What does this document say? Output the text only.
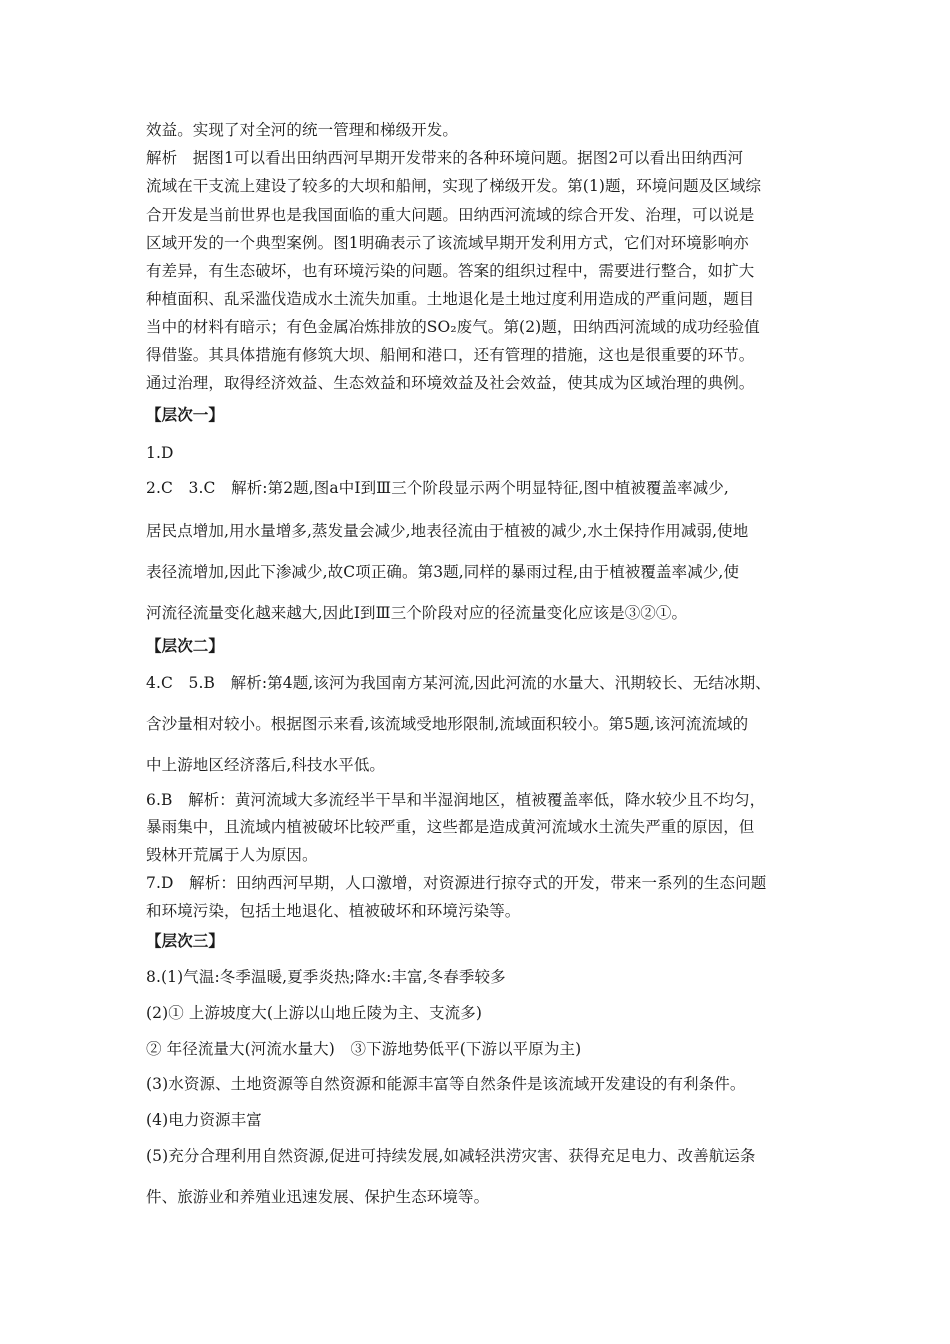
效益。实现了对全河的统一管理和梯级开发。
解析　据图1可以看出田纳西河早期开发带来的各种环境问题。据图2可以看出田纳西河
流域在干支流上建设了较多的大坝和船闸，实现了梯级开发。第(1)题，环境问题及区域综
合开发是当前世界也是我国面临的重大问题。田纳西河流域的综合开发、治理，可以说是
区域开发的一个典型案例。图1明确表示了该流域早期开发利用方式，它们对环境影响亦
有差异，有生态破坏，也有环境污染的问题。答案的组织过程中，需要进行整合，如扩大
种植面积、乱采滥伐造成水土流失加重。土地退化是土地过度利用造成的严重问题，题目
当中的材料有暗示；有色金属冶炼排放的SO₂废气。第(2)题，田纳西河流域的成功经验值
得借鉴。其具体措施有修筑大坝、船闸和港口，还有管理的措施，这也是很重要的环节。
通过治理，取得经济效益、生态效益和环境效益及社会效益，使其成为区域治理的典例。
【层次一】
1.D
2.C　3.C　解析:第2题,图a中Ⅰ到Ⅲ三个阶段显示两个明显特征,图中植被覆盖率减少,
居民点增加,用水量增多,蒸发量会减少,地表径流由于植被的减少,水土保持作用减弱,使地
表径流增加,因此下渗减少,故C项正确。第3题,同样的暴雨过程,由于植被覆盖率减少,使
河流径流量变化越来越大,因此Ⅰ到Ⅲ三个阶段对应的径流量变化应该是③②①。
【层次二】
4.C　5.B　解析:第4题,该河为我国南方某河流,因此河流的水量大、汛期较长、无结冰期、
含沙量相对较小。根据图示来看,该流域受地形限制,流域面积较小。第5题,该河流流域的
中上游地区经济落后,科技水平低。
6.B　解析：黄河流域大多流经半干旱和半湿润地区，植被覆盖率低，降水较少且不均匀，
暴雨集中，且流域内植被破坏比较严重，这些都是造成黄河流域水土流失严重的原因，但
毁林开荒属于人为原因。
7.D　解析：田纳西河早期，人口激增，对资源进行掠夺式的开发，带来一系列的生态问题
和环境污染，包括土地退化、植被破坏和环境污染等。
【层次三】
8.(1)气温:冬季温暖,夏季炎热;降水:丰富,冬春季较多
(2)① 上游坡度大(上游以山地丘陵为主、支流多)
② 年径流量大(河流水量大)　③下游地势低平(下游以平原为主)
(3)水资源、土地资源等自然资源和能源丰富等自然条件是该流域开发建设的有利条件。
(4)电力资源丰富
(5)充分合理利用自然资源,促进可持续发展,如减轻洪涝灾害、获得充足电力、改善航运条
件、旅游业和养殖业迅速发展、保护生态环境等。
